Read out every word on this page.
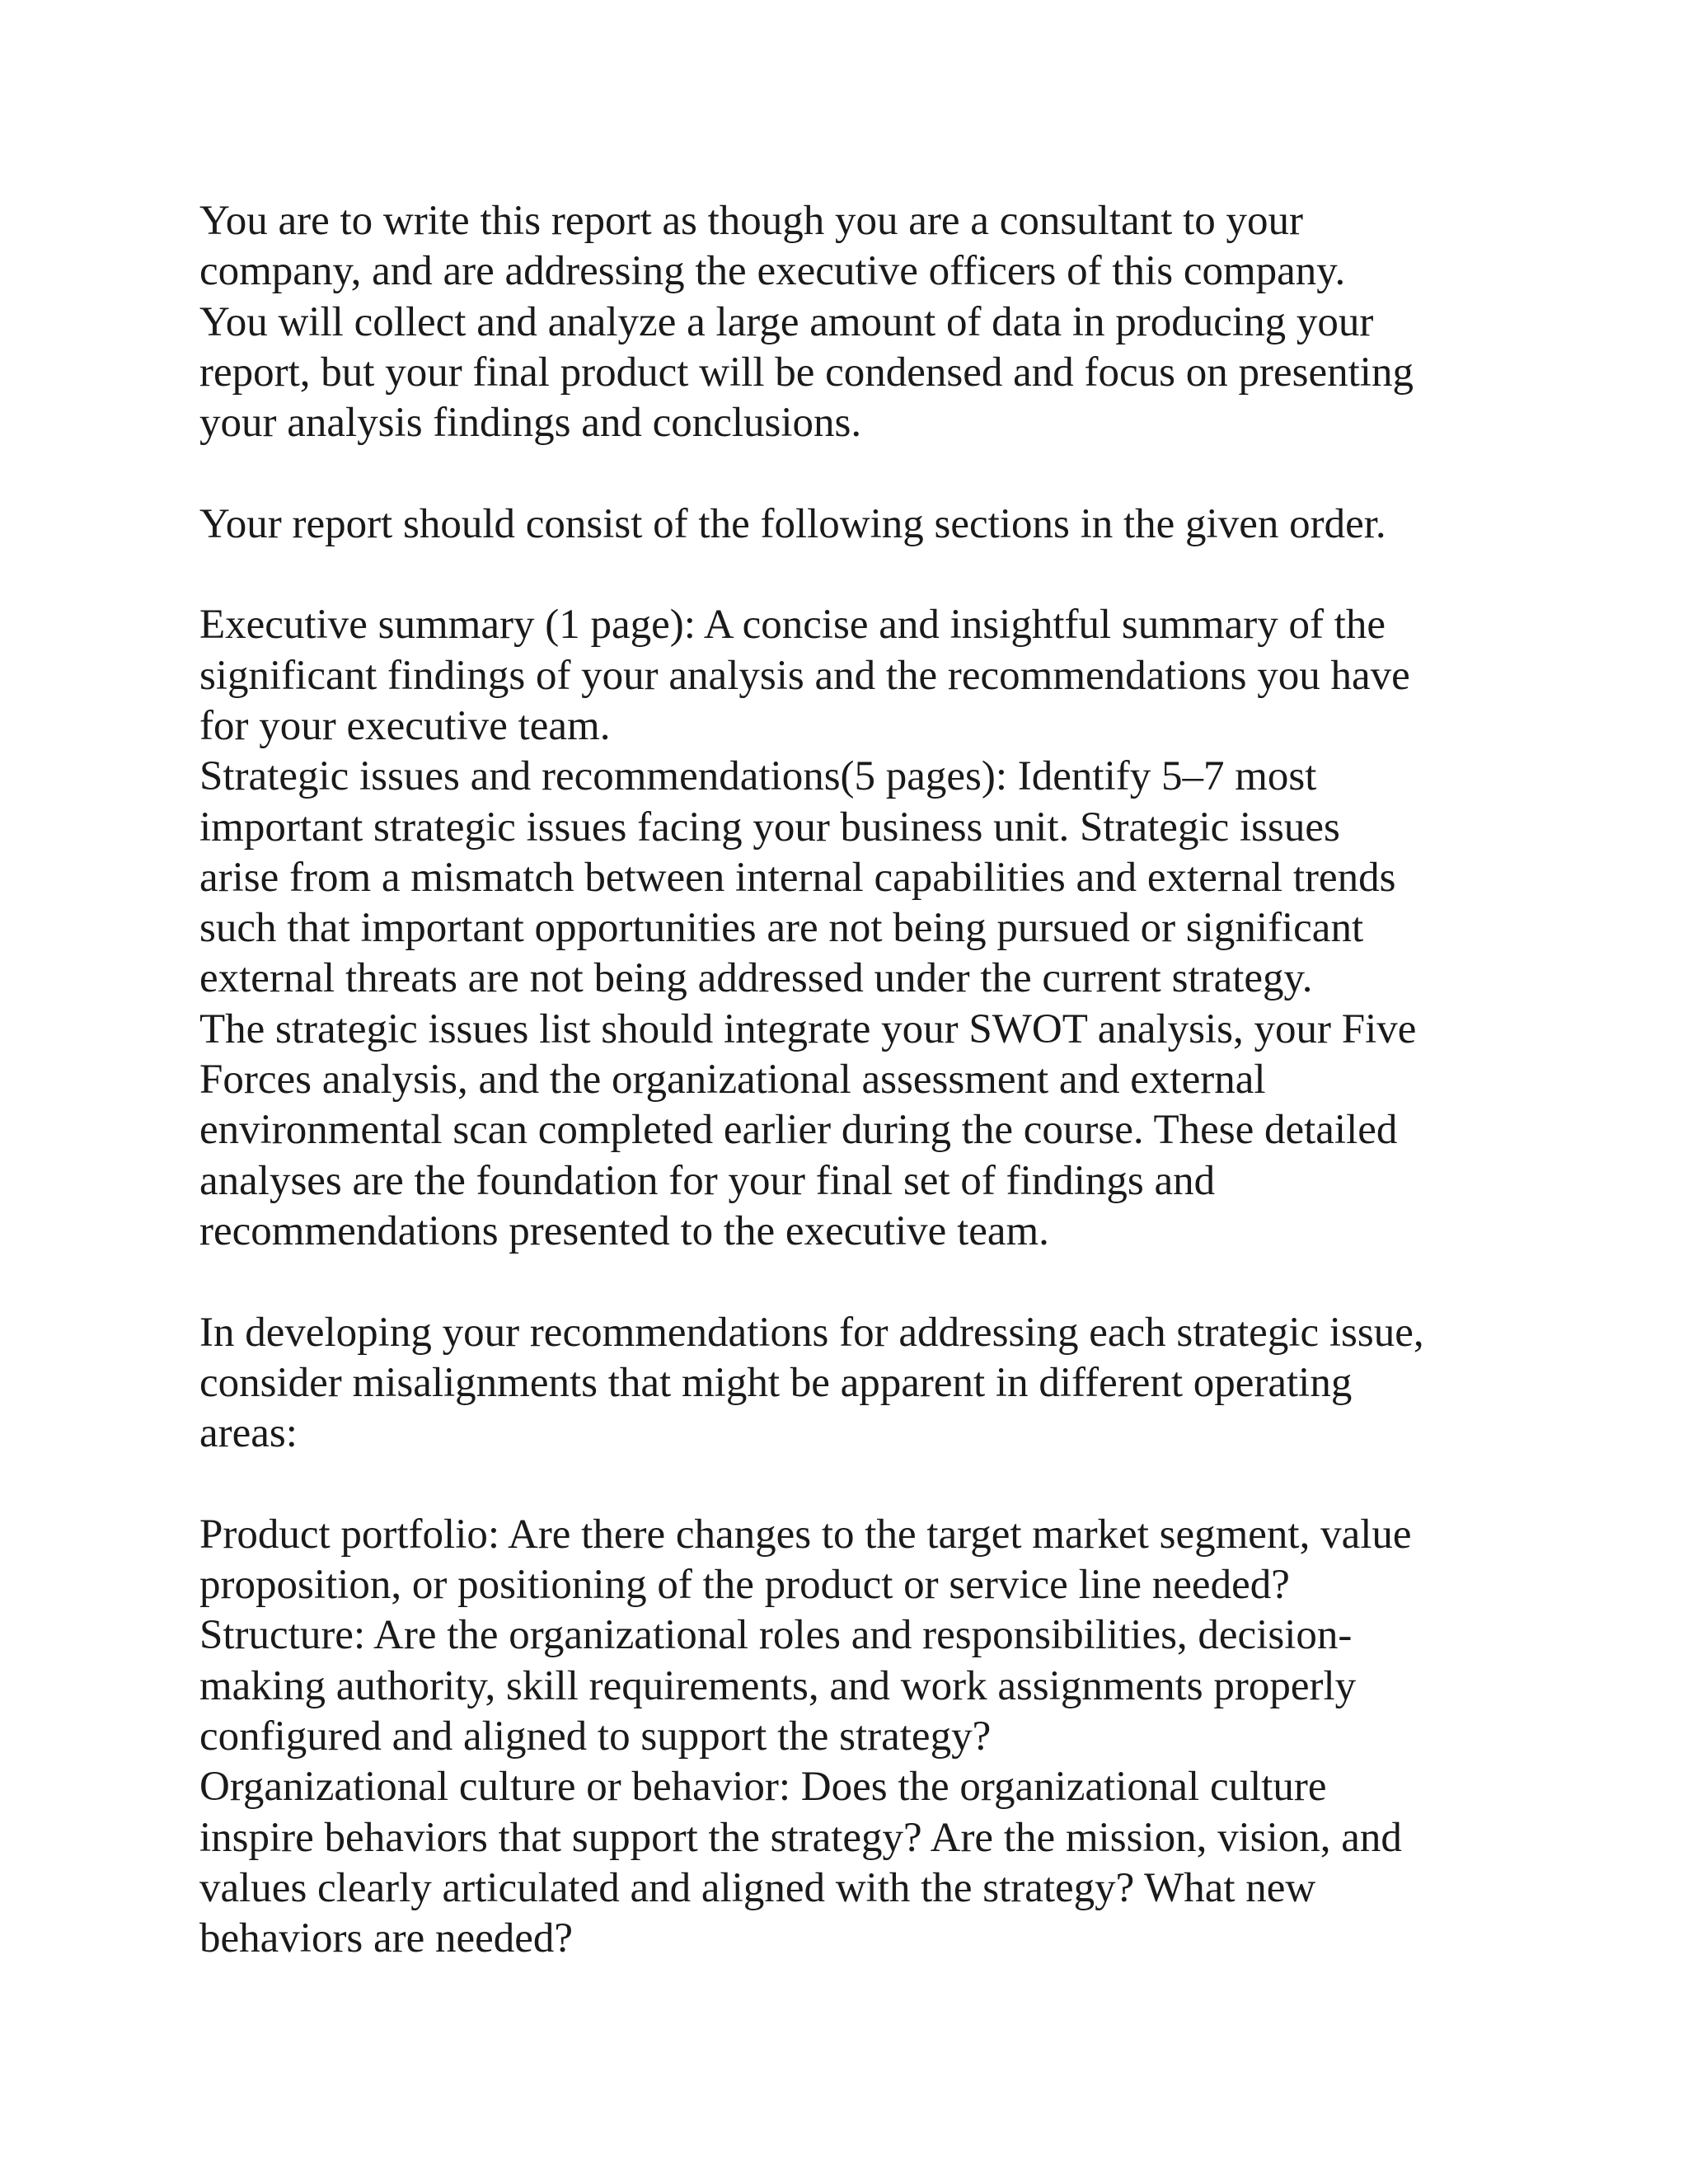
You are to write this report as though you are a consultant to your
company, and are addressing the executive officers of this company.
You will collect and analyze a large amount of data in producing your
report, but your final product will be condensed and focus on presenting
your analysis findings and conclusions.
Your report should consist of the following sections in the given order.
Executive summary (1 page): A concise and insightful summary of the
significant findings of your analysis and the recommendations you have
for your executive team.
Strategic issues and recommendations(5 pages): Identify 5–7 most
important strategic issues facing your business unit. Strategic issues
arise from a mismatch between internal capabilities and external trends
such that important opportunities are not being pursued or significant
external threats are not being addressed under the current strategy.
The strategic issues list should integrate your SWOT analysis, your Five
Forces analysis, and the organizational assessment and external
environmental scan completed earlier during the course. These detailed
analyses are the foundation for your final set of findings and
recommendations presented to the executive team.
In developing your recommendations for addressing each strategic issue,
consider misalignments that might be apparent in different operating
areas:
Product portfolio: Are there changes to the target market segment, value
proposition, or positioning of the product or service line needed?
Structure: Are the organizational roles and responsibilities, decision-
making authority, skill requirements, and work assignments properly
configured and aligned to support the strategy?
Organizational culture or behavior: Does the organizational culture
inspire behaviors that support the strategy? Are the mission, vision, and
values clearly articulated and aligned with the strategy? What new
behaviors are needed?
